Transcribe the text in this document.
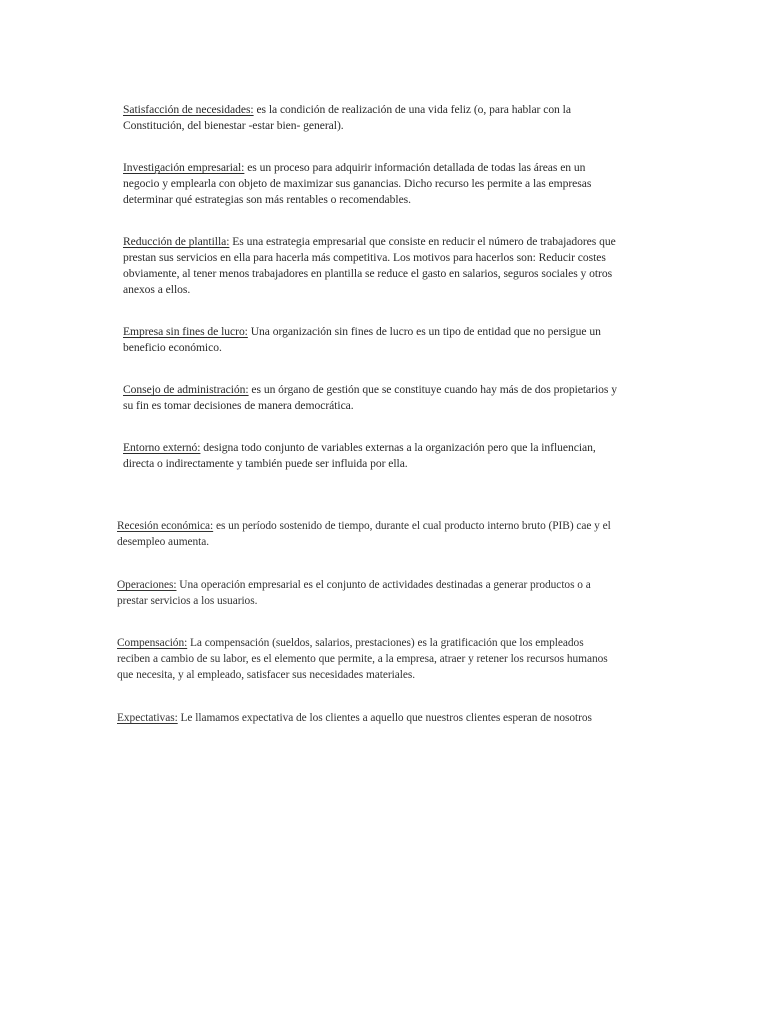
Satisfacción de necesidades: es la condición de realización de una vida feliz (o, para hablar con la
Constitución, del bienestar -estar bien- general).
Investigación empresarial: es un proceso para adquirir información detallada de todas las áreas en un
negocio y emplearla con objeto de maximizar sus ganancias. Dicho recurso les permite a las empresas
determinar qué estrategias son más rentables o recomendables.
Reducción de plantilla: Es una estrategia empresarial que consiste en reducir el número de trabajadores que
prestan sus servicios en ella para hacerla más competitiva. Los motivos para hacerlos son: Reducir costes
obviamente, al tener menos trabajadores en plantilla se reduce el gasto en salarios, seguros sociales y otros
anexos a ellos.
Empresa sin fines de lucro: Una organización sin fines de lucro es un tipo de entidad que no persigue un
beneficio económico.
Consejo de administración: es un órgano de gestión que se constituye cuando hay más de dos propietarios y
su fin es tomar decisiones de manera democrática.
Entorno externó: designa todo conjunto de variables externas a la organización pero que la influencian,
directa o indirectamente y también puede ser influida por ella.
Recesión económica: es un período sostenido de tiempo, durante el cual producto interno bruto (PIB) cae y el
desempleo aumenta.
Operaciones: Una operación empresarial es el conjunto de actividades destinadas a generar productos o a
prestar servicios a los usuarios.
Compensación: La compensación (sueldos, salarios, prestaciones) es la gratificación que los empleados
reciben a cambio de su labor, es el elemento que permite, a la empresa, atraer y retener los recursos humanos
que necesita, y al empleado, satisfacer sus necesidades materiales.
Expectativas: Le llamamos expectativa de los clientes a aquello que nuestros clientes esperan de nosotros
